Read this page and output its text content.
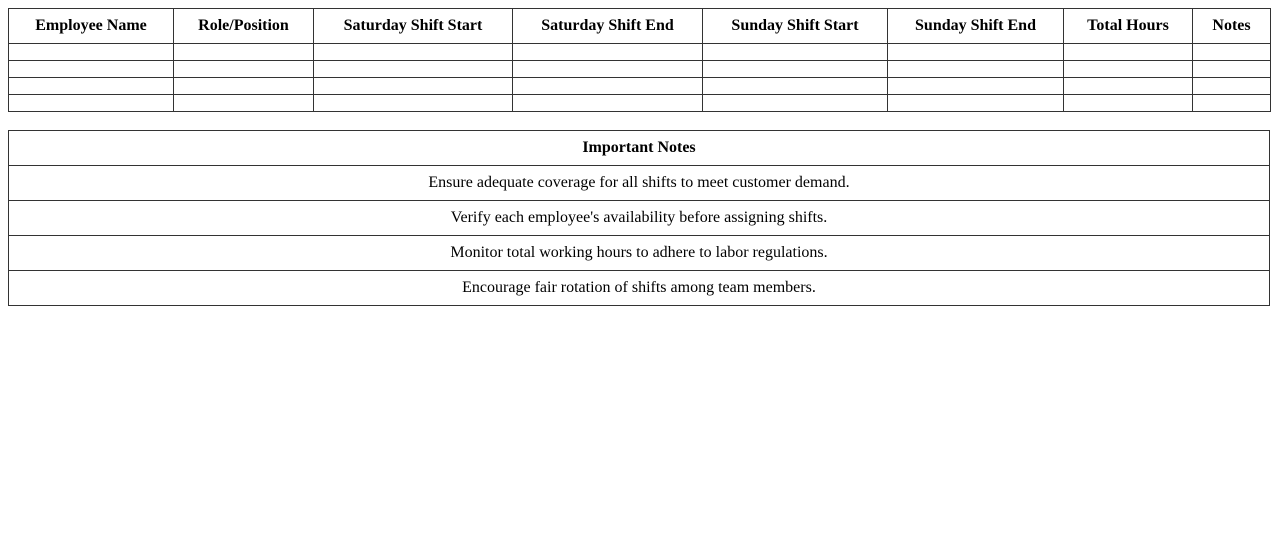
Employee Name	Role/Position	Saturday Shift Start	Saturday Shift End	Sunday Shift Start	Sunday Shift End	Total Hours	Notes

Important Notes
Ensure adequate coverage for all shifts to meet customer demand.
Verify each employee's availability before assigning shifts.
Monitor total working hours to adhere to labor regulations.
Encourage fair rotation of shifts among team members.
